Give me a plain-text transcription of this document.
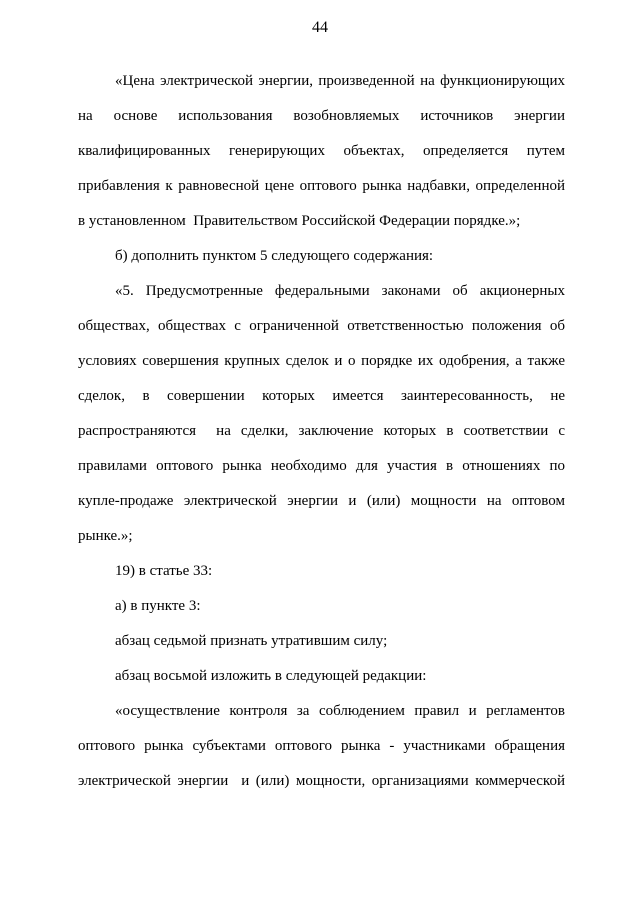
44
«Цена электрической энергии, произведенной на функционирующих
на основе использования возобновляемых источников энергии
квалифицированных генерирующих объектах, определяется путем
прибавления к равновесной цене оптового рынка надбавки, определенной
в установленном  Правительством Российской Федерации порядке.»;
б) дополнить пунктом 5 следующего содержания:
«5. Предусмотренные федеральными законами об акционерных
обществах, обществах с ограниченной ответственностью положения об
условиях совершения крупных сделок и о порядке их одобрения, а также
сделок, в совершении которых имеется заинтересованность, не
распространяются  на сделки, заключение которых в соответствии с
правилами оптового рынка необходимо для участия в отношениях по
купле-продаже электрической энергии и (или) мощности на оптовом
рынке.»;
19) в статье 33:
а) в пункте 3:
абзац седьмой признать утратившим силу;
абзац восьмой изложить в следующей редакции:
«осуществление контроля за соблюдением правил и регламентов
оптового рынка субъектами оптового рынка - участниками обращения
электрической энергии  и (или) мощности, организациями коммерческой
